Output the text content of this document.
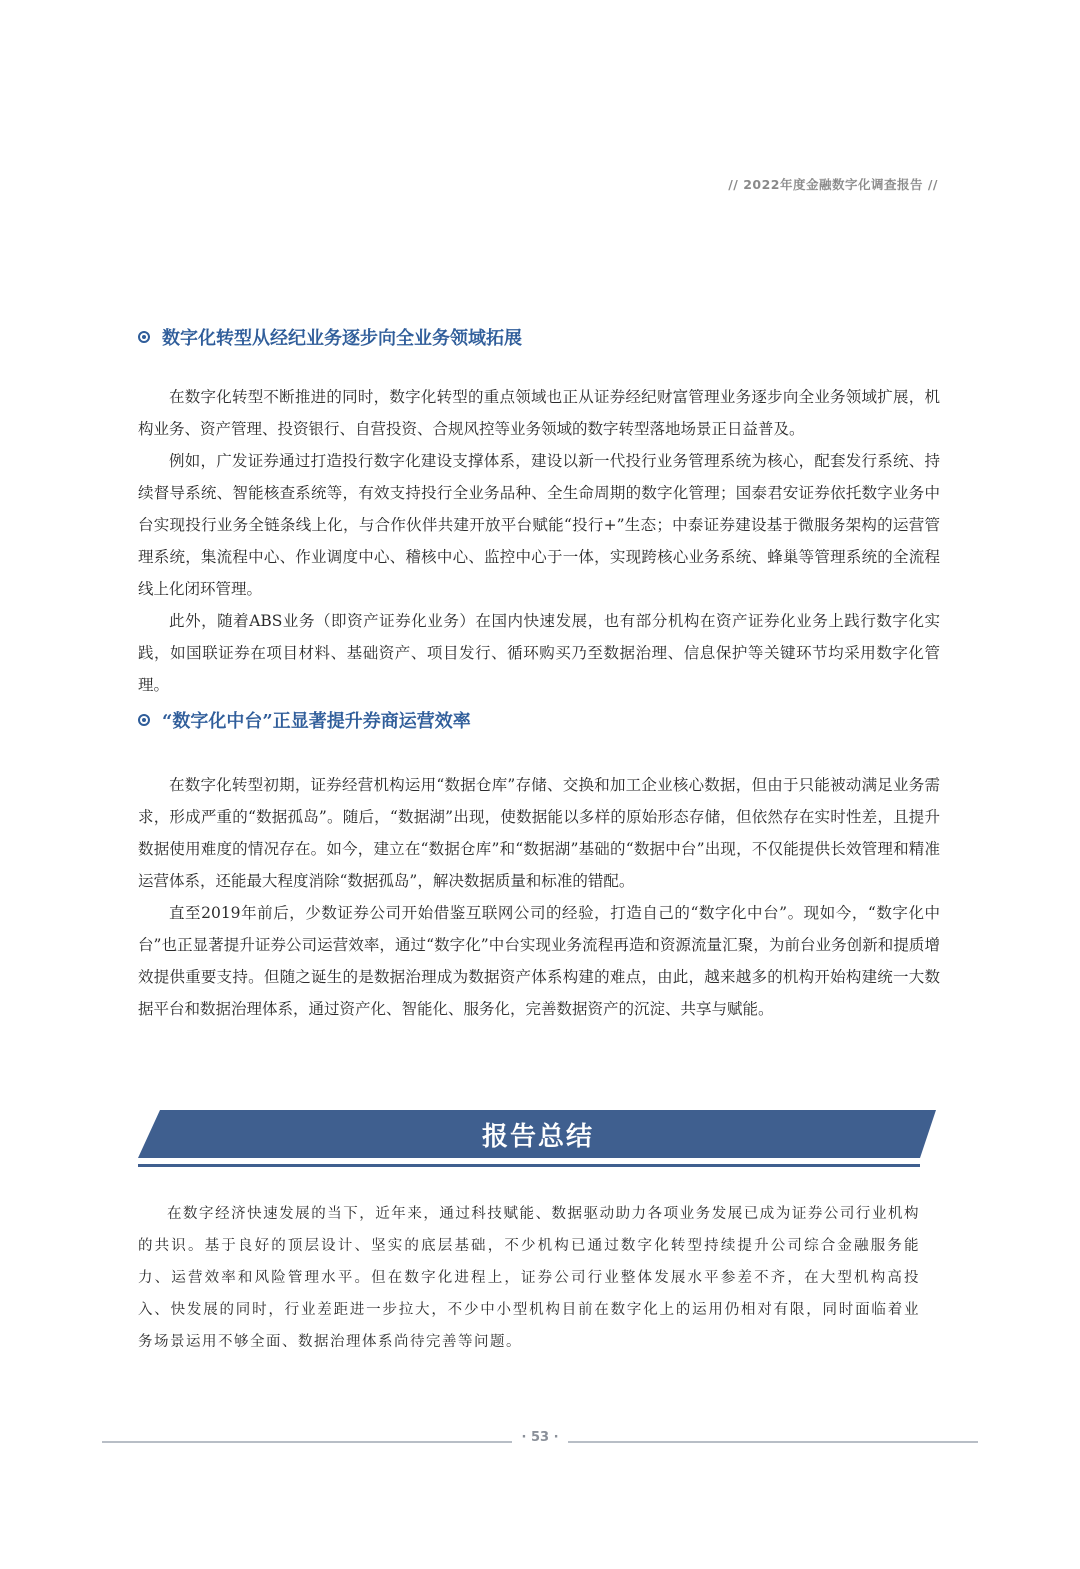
// 2022年度金融数字化调查报告 //
数字化转型从经纪业务逐步向全业务领域拓展

在数字化转型不断推进的同时，数字化转型的重点领域也正从证券经纪财富管理业务逐步向全业务领域扩展，机构业务、资产管理、投资银行、自营投资、合规风控等业务领域的数字转型落地场景正日益普及。

例如，广发证券通过打造投行数字化建设支撑体系，建设以新一代投行业务管理系统为核心，配套发行系统、持续督导系统、智能核查系统等，有效支持投行全业务品种、全生命周期的数字化管理；国泰君安证券依托数字业务中台实现投行业务全链条线上化，与合作伙伴共建开放平台赋能“投行+”生态；中泰证券建设基于微服务架构的运营管理系统，集流程中心、作业调度中心、稽核中心、监控中心于一体，实现跨核心业务系统、蜂巢等管理系统的全流程线上化闭环管理。

此外，随着ABS业务（即资产证券化业务）在国内快速发展，也有部分机构在资产证券化业务上践行数字化实践，如国联证券在项目材料、基础资产、项目发行、循环购买乃至数据治理、信息保护等关键环节均采用数字化管理。

“数字化中台”正显著提升券商运营效率

在数字化转型初期，证券经营机构运用“数据仓库”存储、交换和加工企业核心数据，但由于只能被动满足业务需求，形成严重的“数据孤岛”。随后，“数据湖”出现，使数据能以多样的原始形态存储，但依然存在实时性差，且提升数据使用难度的情况存在。如今，建立在“数据仓库”和“数据湖”基础的“数据中台”出现，不仅能提供长效管理和精准运营体系，还能最大程度消除“数据孤岛”，解决数据质量和标准的错配。

直至2019年前后，少数证券公司开始借鉴互联网公司的经验，打造自己的“数字化中台”。现如今，“数字化中台”也正显著提升证券公司运营效率，通过“数字化”中台实现业务流程再造和资源流量汇聚，为前台业务创新和提质增效提供重要支持。但随之诞生的是数据治理成为数据资产体系构建的难点，由此，越来越多的机构开始构建统一大数据平台和数据治理体系，通过资产化、智能化、服务化，完善数据资产的沉淀、共享与赋能。

报告总结

在数字经济快速发展的当下，近年来，通过科技赋能、数据驱动助力各项业务发展已成为证券公司行业机构的共识。基于良好的顶层设计、坚实的底层基础，不少机构已通过数字化转型持续提升公司综合金融服务能力、运营效率和风险管理水平。但在数字化进程上，证券公司行业整体发展水平参差不齐，在大型机构高投入、快发展的同时，行业差距进一步拉大，不少中小型机构目前在数字化上的运用仍相对有限，同时面临着业务场景运用不够全面、数据治理体系尚待完善等问题。

· 53 ·
